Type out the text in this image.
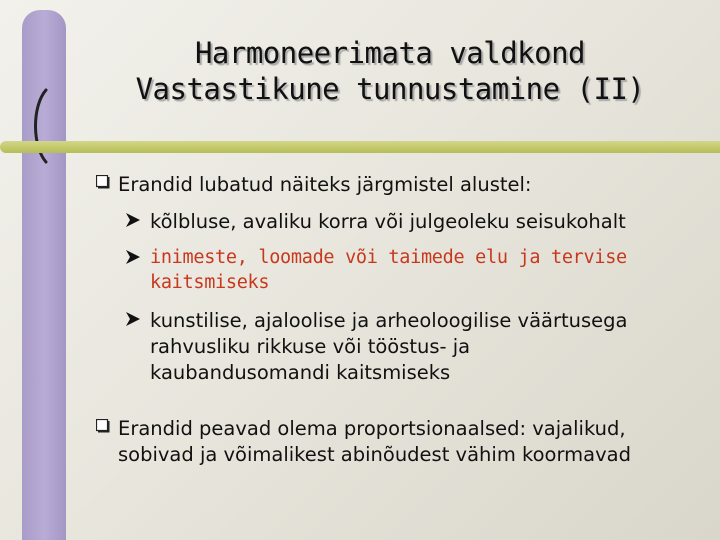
Harmoneerimata valdkond
Vastastikune tunnustamine (II)
Erandid lubatud näiteks järgmistel alustel:
kõlbluse, avaliku korra või julgeoleku seisukohalt
inimeste, loomade või taimede elu ja tervise
kaitsmiseks
kunstilise, ajaloolise ja arheoloogilise väärtusega
rahvusliku rikkuse või tööstus- ja
kaubandusomandi kaitsmiseks
Erandid peavad olema proportsionaalsed: vajalikud,
sobivad ja võimalikest abinõudest vähim koormavad
